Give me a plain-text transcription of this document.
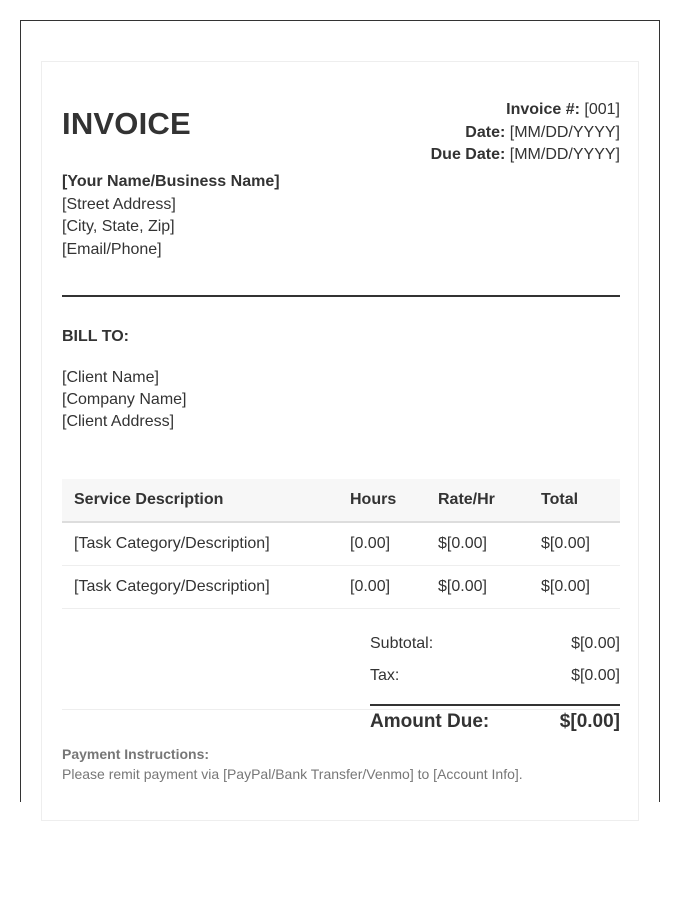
INVOICE	Invoice #: [001]
Date: [MM/DD/YYYY]
Due Date: [MM/DD/YYYY]
[Your Name/Business Name]
[Street Address]
[City, State, Zip]
[Email/Phone]
BILL TO:
[Client Name]
[Company Name]
[Client Address]
Service Description	Hours	Rate/Hr	Total
[Task Category/Description]	[0.00]	$[0.00]	$[0.00]
[Task Category/Description]	[0.00]	$[0.00]	$[0.00]
Subtotal:	$[0.00]
Tax:	$[0.00]
Amount Due:	$[0.00]
Payment Instructions:
Please remit payment via [PayPal/Bank Transfer/Venmo] to [Account Info].
